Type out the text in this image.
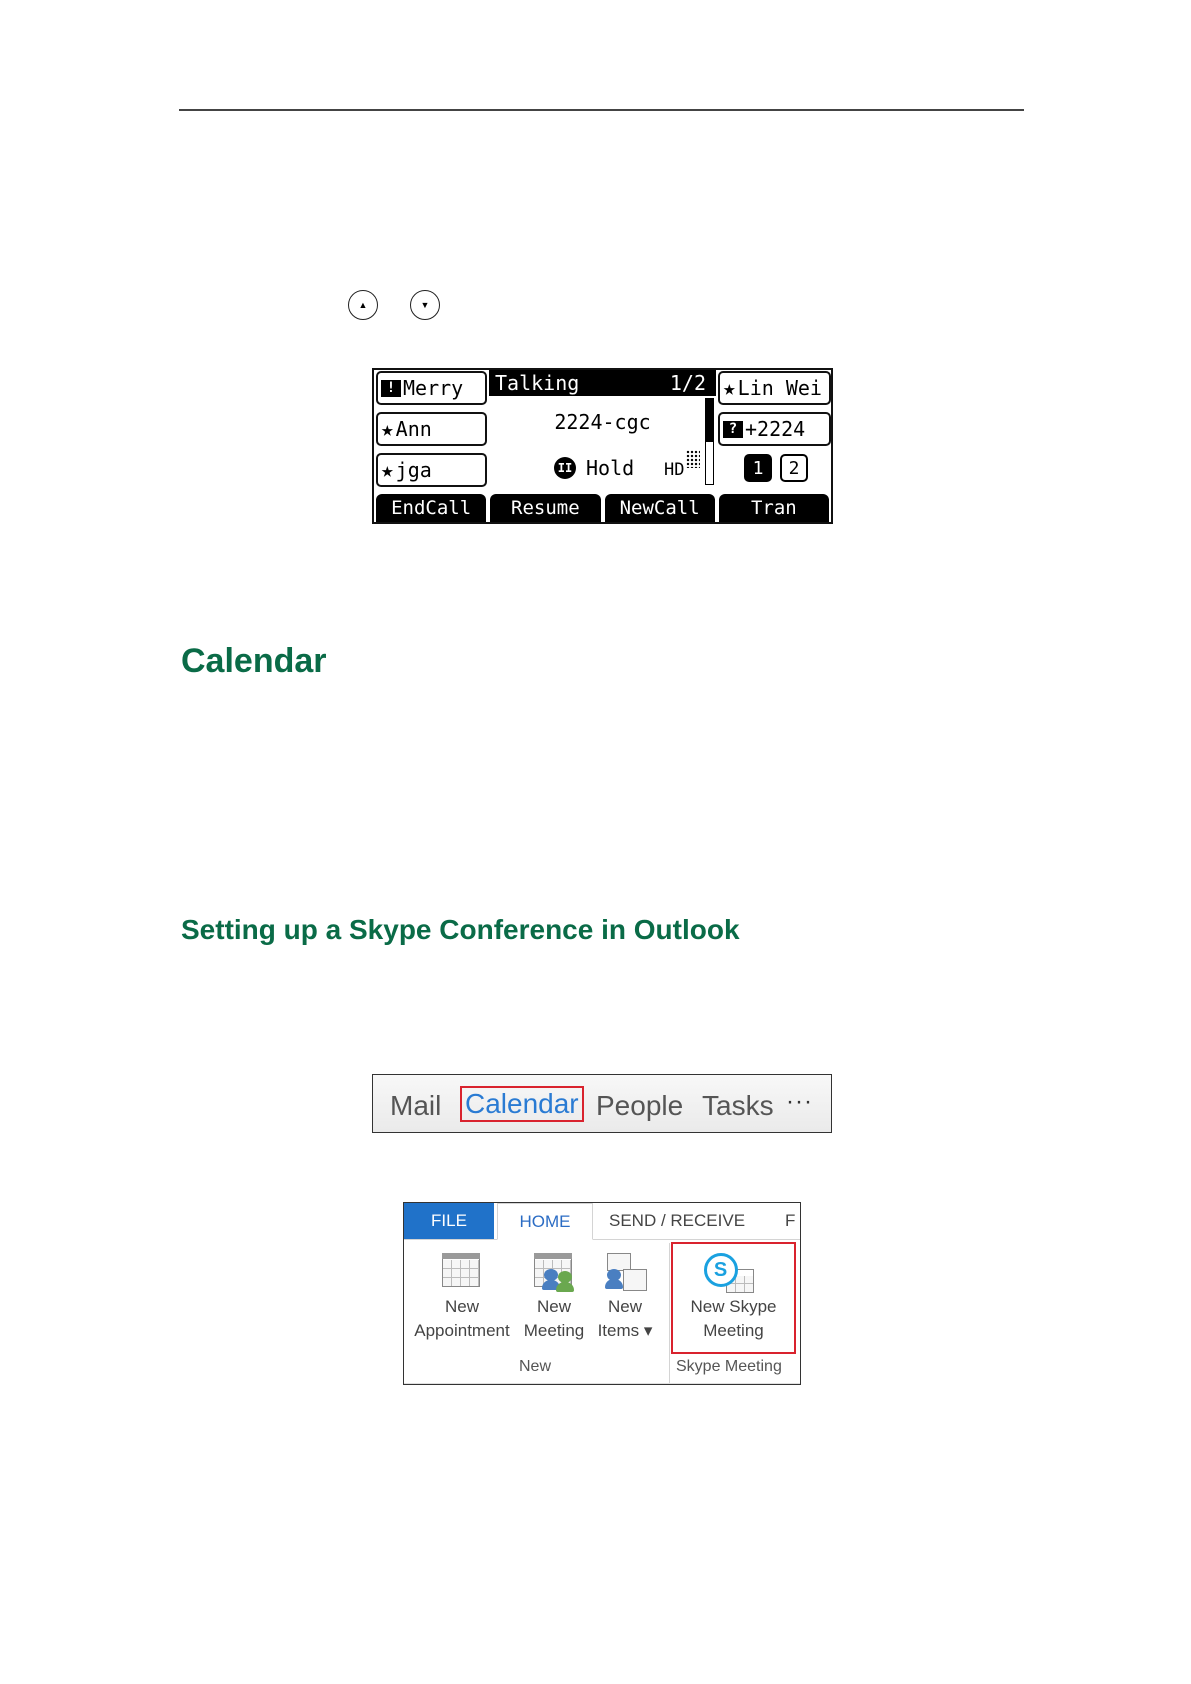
▲	▼
! Merry
★ Ann
★ jga
Talking	1/2
2224-cgc
II Hold HD
★ Lin Wei
? +2224
1	2
EndCall	Resume	NewCall	Tran
Calendar
Setting up a Skype Conference in Outlook
Mail Calendar People Tasks ···
FILE	HOME	SEND / RECEIVE F
New
Appointment
New
Meeting
New
Items ▾
S
New Skype
Meeting
New	Skype Meeting
